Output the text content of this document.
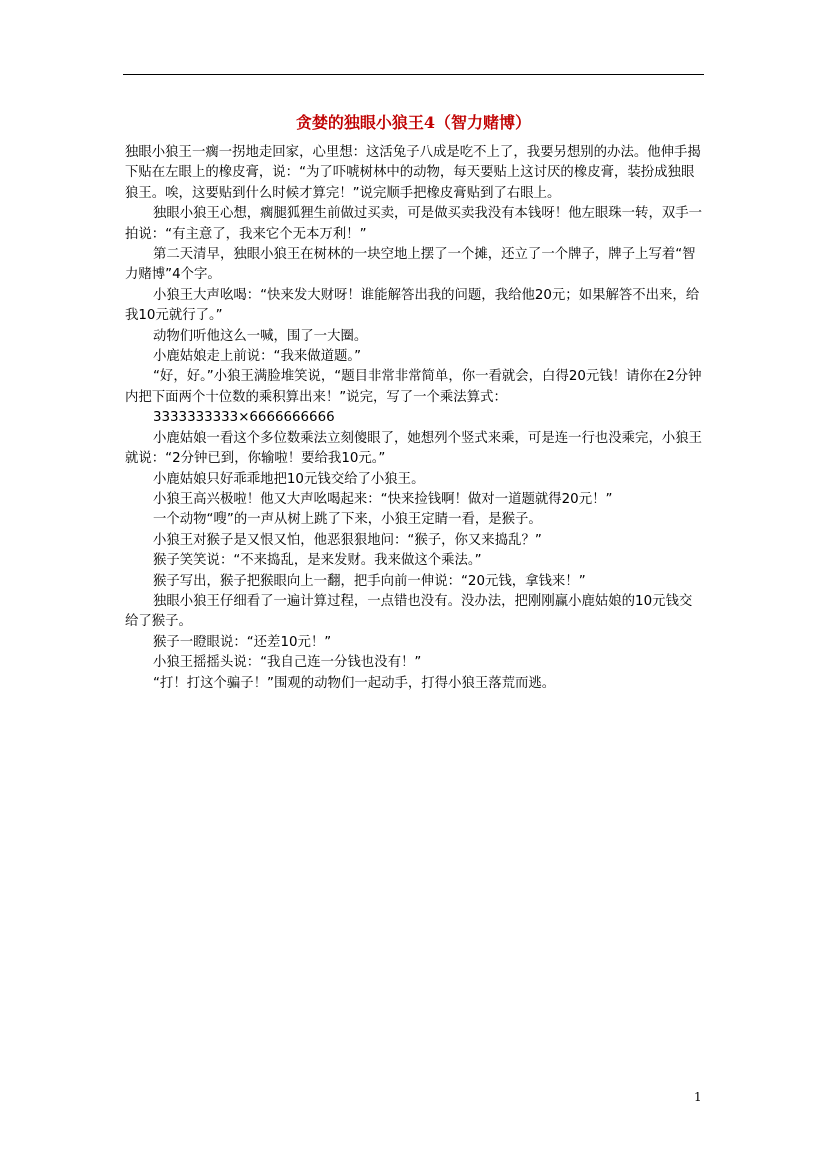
贪婪的独眼小狼王4（智力赌博）

独眼小狼王一瘸一拐地走回家，心里想：这活兔子八成是吃不上了，我要另想别的办法。他伸手揭下贴在左眼上的橡皮膏，说：“为了吓唬树林中的动物，每天要贴上这讨厌的橡皮膏，装扮成独眼狼王。唉，这要贴到什么时候才算完！”说完顺手把橡皮膏贴到了右眼上。

独眼小狼王心想，瘸腿狐狸生前做过买卖，可是做买卖我没有本钱呀！他左眼珠一转，双手一拍说：“有主意了，我来它个无本万利！”

第二天清早，独眼小狼王在树林的一块空地上摆了一个摊，还立了一个牌子，牌子上写着“智力赌博”4个字。

小狼王大声吆喝：“快来发大财呀！谁能解答出我的问题，我给他20元；如果解答不出来，给我10元就行了。”

动物们听他这么一喊，围了一大圈。

小鹿姑娘走上前说：“我来做道题。”

“好，好。”小狼王满脸堆笑说，“题目非常非常简单，你一看就会，白得20元钱！请你在2分钟内把下面两个十位数的乘积算出来！”说完，写了一个乘法算式：

3333333333×6666666666

小鹿姑娘一看这个多位数乘法立刻傻眼了，她想列个竖式来乘，可是连一行也没乘完，小狼王就说：“2分钟已到，你输啦！要给我10元。”

小鹿姑娘只好乖乖地把10元钱交给了小狼王。

小狼王高兴极啦！他又大声吆喝起来：“快来捡钱啊！做对一道题就得20元！”

一个动物“嗖”的一声从树上跳了下来，小狼王定睛一看，是猴子。

小狼王对猴子是又恨又怕，他恶狠狠地问：“猴子，你又来捣乱？”

猴子笑笑说：“不来捣乱，是来发财。我来做这个乘法。”

猴子写出，猴子把猴眼向上一翻，把手向前一伸说：“20元钱，拿钱来！”

独眼小狼王仔细看了一遍计算过程，一点错也没有。没办法，把刚刚赢小鹿姑娘的10元钱交给了猴子。

猴子一瞪眼说：“还差10元！”

小狼王摇摇头说：“我自己连一分钱也没有！”

“打！打这个骗子！”围观的动物们一起动手，打得小狼王落荒而逃。

1
